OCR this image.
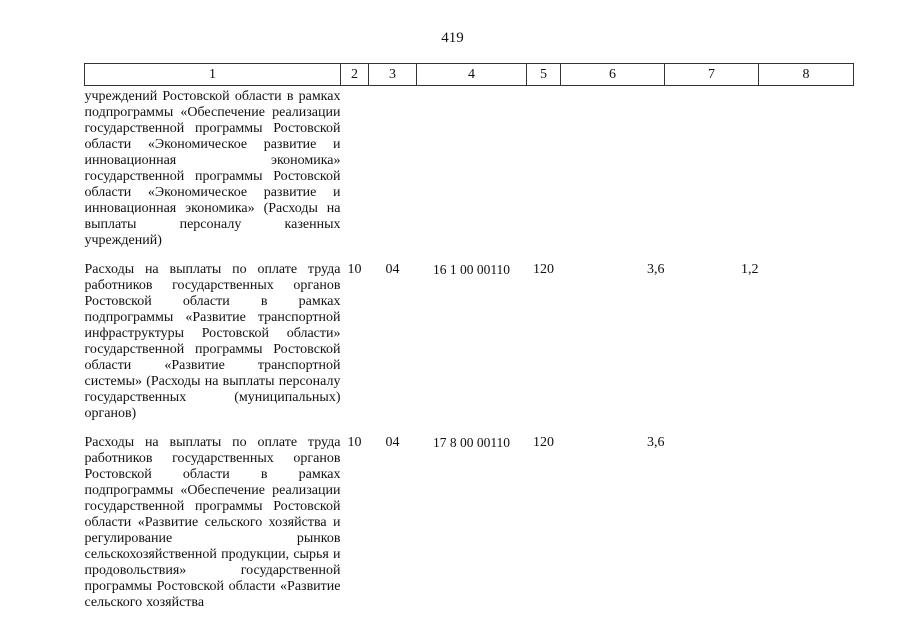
419
1	2	3	4	5	6	7	8
учреждений Ростовской области в рамках подпрограммы «Обеспечение реализации государственной программы Ростовской области «Экономическое развитие и инновационная экономика» государственной программы Ростовской области «Экономическое развитие и инновационная экономика» (Расходы на выплаты персоналу казенных учреждений)							
Расходы на выплаты по оплате труда работников государственных органов Ростовской области в рамках подпрограммы «Развитие транспортной инфраструктуры Ростовской области» государственной программы Ростовской области «Развитие транспортной системы» (Расходы на выплаты персоналу государственных (муниципальных) органов)	10	04	16 1 00 00110	120	3,6	1,2	
Расходы на выплаты по оплате труда работников государственных органов Ростовской области в рамках подпрограммы «Обеспечение реализации государственной программы Ростовской области «Развитие сельского хозяйства и регулирование рынков сельскохозяйственной продукции, сырья и продовольствия» государственной программы Ростовской области «Развитие сельского хозяйства	10	04	17 8 00 00110	120	3,6		
